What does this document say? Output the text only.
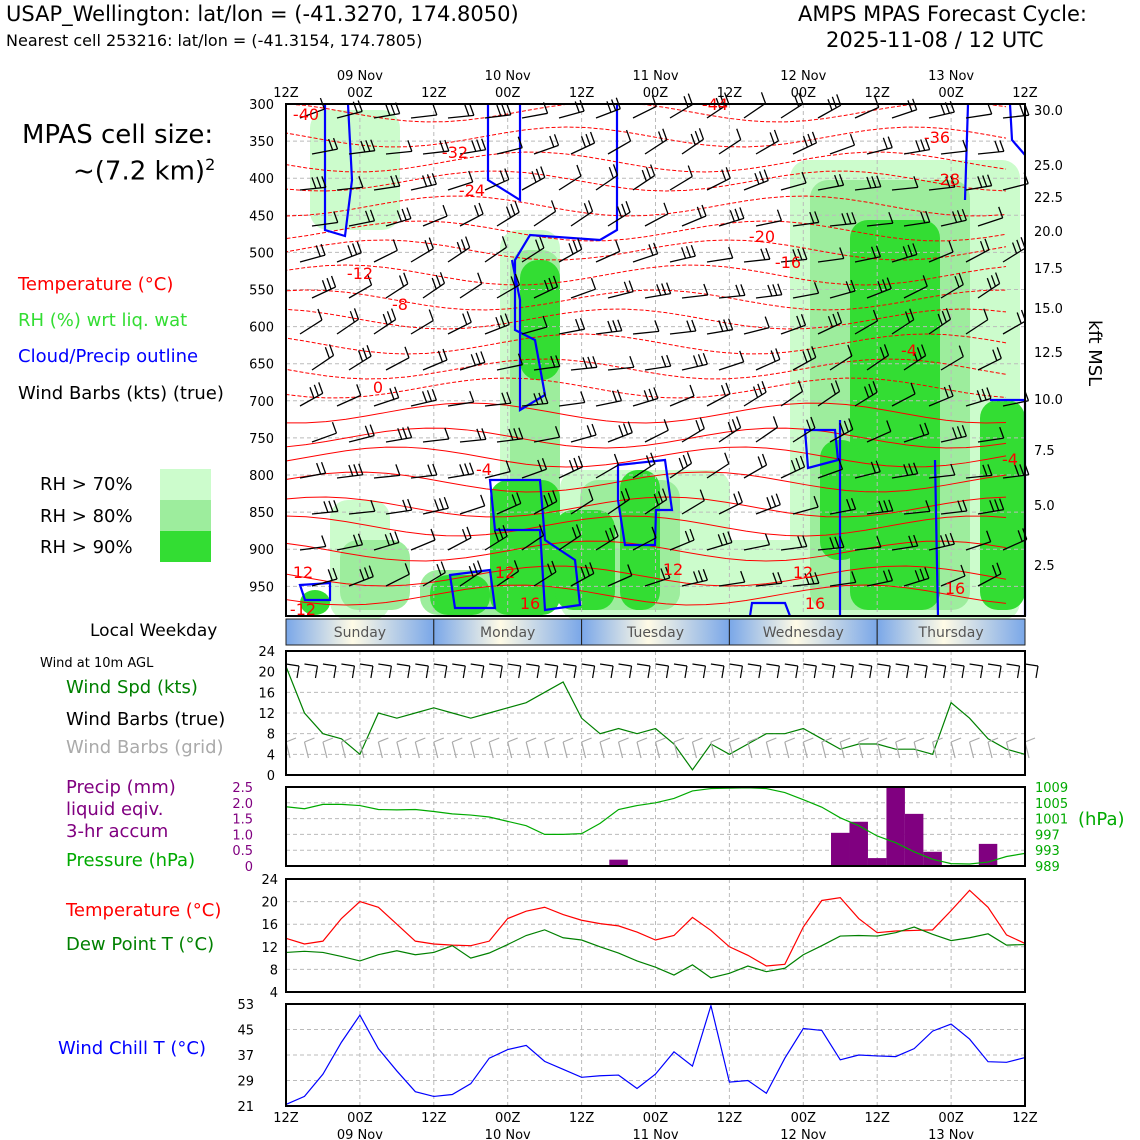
USAP_Wellington: lat/lon = (-41.3270, 174.8050)
Nearest cell 253216: lat/lon = (-41.3154, 174.7805)
AMPS MPAS Forecast Cycle:
2025-11-08 / 12 UTC
MPAS cell size:
~(7.2 km)$^2$
Temperature (°C)
RH (%) wrt liq. wat
Cloud/Precip outline
Wind Barbs (kts) (true)
RH > 70%
RH > 80%
RH > 90%
Local Weekday
Wind at 10m AGL
Wind Spd (kts)
Wind Barbs (true)
Wind Barbs (grid)
Precip (mm)
liquid eqiv.
3-hr accum
Pressure (hPa)
Temperature (°C)
Dew Point T (°C)
Wind Chill T (°C)
(hPa)
kft MSL
-40
-32
-24
-20
-16
-12
-8
-4
0
-4
-44
-36
-28
12	12	12	12
16	16
16
-12
-4
300
350
400
450
500
550
600
650
700
750
800
850
900
950
30.0
25.0
22.5
20.0
17.5
15.0
12.5
10.0
7.5
5.0
2.5
12Z
12Z
00Z
00Z
12Z
12Z
00Z
00Z
12Z
12Z
00Z
00Z
12Z
12Z
00Z
00Z
12Z
12Z
00Z
00Z
12Z
12Z
09 Nov
09 Nov
10 Nov
10 Nov
11 Nov
11 Nov
12 Nov
12 Nov
13 Nov
13 Nov
Sunday	Monday	Tuesday	Wednesday	Thursday
0
4
8
12
16
20
24
0
0.5
1.0
1.5
2.0
2.5
989
993
997
1001
1005
1009
4
8
12
16
20
24
21
29
37
45
53
